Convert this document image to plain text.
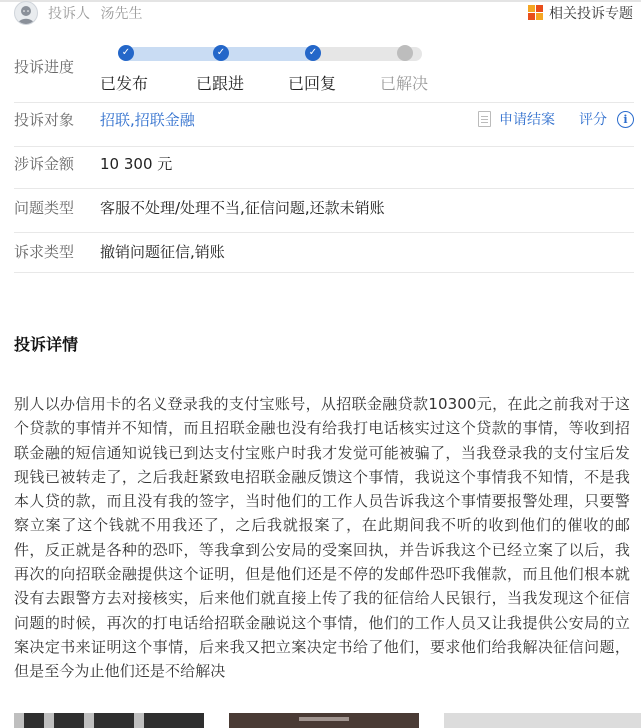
投诉人 汤先生	相关投诉专题
投诉进度
✓	✓	✓
已发布	已跟进	已回复	已解决
投诉对象 招联,招联金融	申请结案 评分	i
涉诉金额 10 300 元
问题类型 客服不处理/处理不当,征信问题,还款未销账
诉求类型 撤销问题征信,销账
投诉详情
别人以办信用卡的名义登录我的支付宝账号，从招联金融贷款10300元，在此之前我对于这个贷款的事情并不知情，而且招联金融也没有给我打电话核实过这个贷款的事情，等收到招联金融的短信通知说钱已到达支付宝账户时我才发觉可能被骗了，当我登录我的支付宝后发现钱已被转走了，之后我赶紧致电招联金融反馈这个事情，我说这个事情我不知情，不是我本人贷的款，而且没有我的签字，当时他们的工作人员告诉我这个事情要报警处理，只要警察立案了这个钱就不用我还了，之后我就报案了，在此期间我不听的收到他们的催收的邮件，反正就是各种的恐吓，等我拿到公安局的受案回执，并告诉我这个已经立案了以后，我再次的向招联金融提供这个证明，但是他们还是不停的发邮件恐吓我催款，而且他们根本就没有去跟警方去对接核实，后来他们就直接上传了我的征信给人民银行，当我发现这个征信问题的时候，再次的打电话给招联金融说这个事情，他们的工作人员又让我提供公安局的立案决定书来证明这个事情，后来我又把立案决定书给了他们，要求他们给我解决征信问题，但是至今为止他们还是不给解决
